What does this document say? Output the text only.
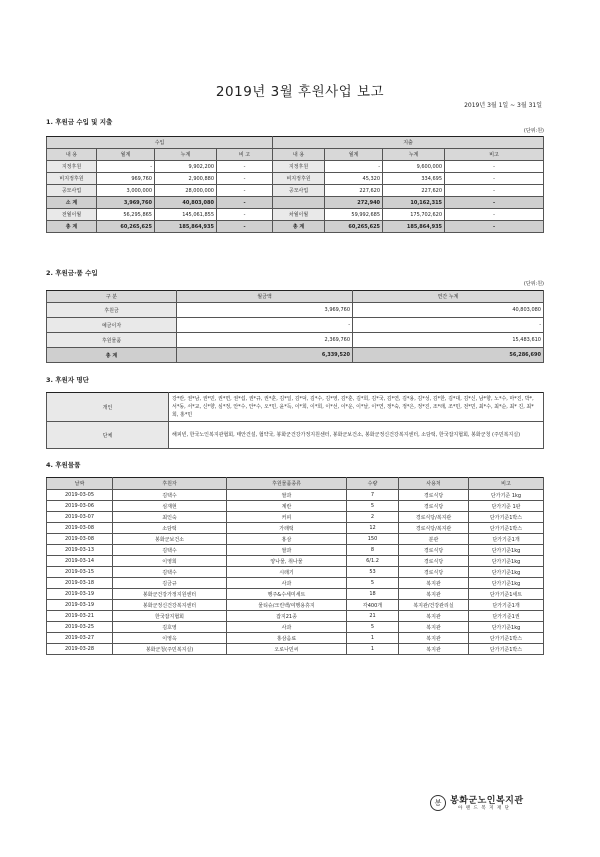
2019년 3월 후원사업 보고
2019년 3월 1일 ~ 3월 31일
1. 후원금 수입 및 지출
(단위:원)
수입				지출			
내 용	월계	누계	비 고	내 용	월계	누계	비고
지정후원	-	9,902,200	-	지정후원	-	9,600,000	-
비지정후원	969,760	2,900,880	-	비지정후원	45,320	334,695	-
공모사업	3,000,000	28,000,000	-	공모사업	227,620	227,620	-
소 계	3,969,760	40,803,080	-		272,940	10,162,315	-
전월이월	56,295,865	145,061,855	-	차월이월	59,992,685	175,702,620	-
총 계	60,265,625	185,864,935	-	총 계	60,265,625	185,864,935	-
2. 후원금·품 수입
(단위:원)
구 분	월금액	연간 누계
후원금	3,969,760	40,803,080
예금이자	-	-
후원물품	2,369,760	15,483,610
총 계	6,339,520	56,286,690
3. 후원자 명단
개인	강*란, 권*남, 권*민, 권*면, 권*섭, 권*규, 권*훈, 김*일, 김*덕, 김*수, 김*영, 김*훈, 김*희, 김*국, 김*연, 김*용, 김*성, 김*한, 김*대, 김*신, 남*향, 노*수, 마*진, 박*, 서*동, 서*교, 신*향, 심*정, 안*수, 안*수, 오*민, 윤*득, 이*희, 이*희, 이*선, 이*운, 이*날, 이*연, 정*숙, 정*은, 정*진, 조*래, 조*민, 전*민, 최*수, 최*순, 최* 진, 최*희, 홍*민
단체	해피빈, 한국노인복지관협회, 태안건설, 협약국, 봉화군건강가정지원센터, 봉화군보건소, 봉화군정신건강복지센터, 소담떡, 한국잡지협회, 봉화군청 (주민복지실)
4. 후원물품
날짜	후원자	후원물품종류	수량	사용처	비고
2019-03-05	김택수	쌀과	7	경로식당	단가기준 1kg
2019-03-06	심재현	계란	5	경로식당	단가기준 1판
2019-03-07	최인숙	커피	2	경로식당/복지관	단가기준1박스
2019-03-08	소담떡	가래떡	12	경로식당/복지관	단가기준1박스
2019-03-08	봉화군보건소	홍삼	150	분관	단가기준1개
2019-03-13	김택수	쌀과	8	경로식당	단가기준1kg
2019-03-14	이영희	양나물, 취나물	6/1.2	경로식당	단가기준1kg
2019-03-15	김택수	시래기	53	경로식당	단가기준1kg
2019-03-18	김금규	사과	5	복지관	단가기준1kg
2019-03-19	봉화군건강가정지원센터	행주&수세미세트	18	복지관	단가기준1세트
2019-03-19	봉화군정신건강복지센터	물티슈/크린백/여행용휴지	각400개	복지관/건강관리실	단가기준1개
2019-03-21	한국잡지협회	잡지21종	21	복지관	단가기준1권
2019-03-25	김호영	사과	5	복지관	단가기준1kg
2019-03-27	이영옥	홍삼음료	1	복지관	단가기준1박스
2019-03-28	봉화군청(주민복지실)	오로나민씨	1	복지관	단가기준1박스
봉 봉화군노인복지관
아 랜 드 복 지 재 단
